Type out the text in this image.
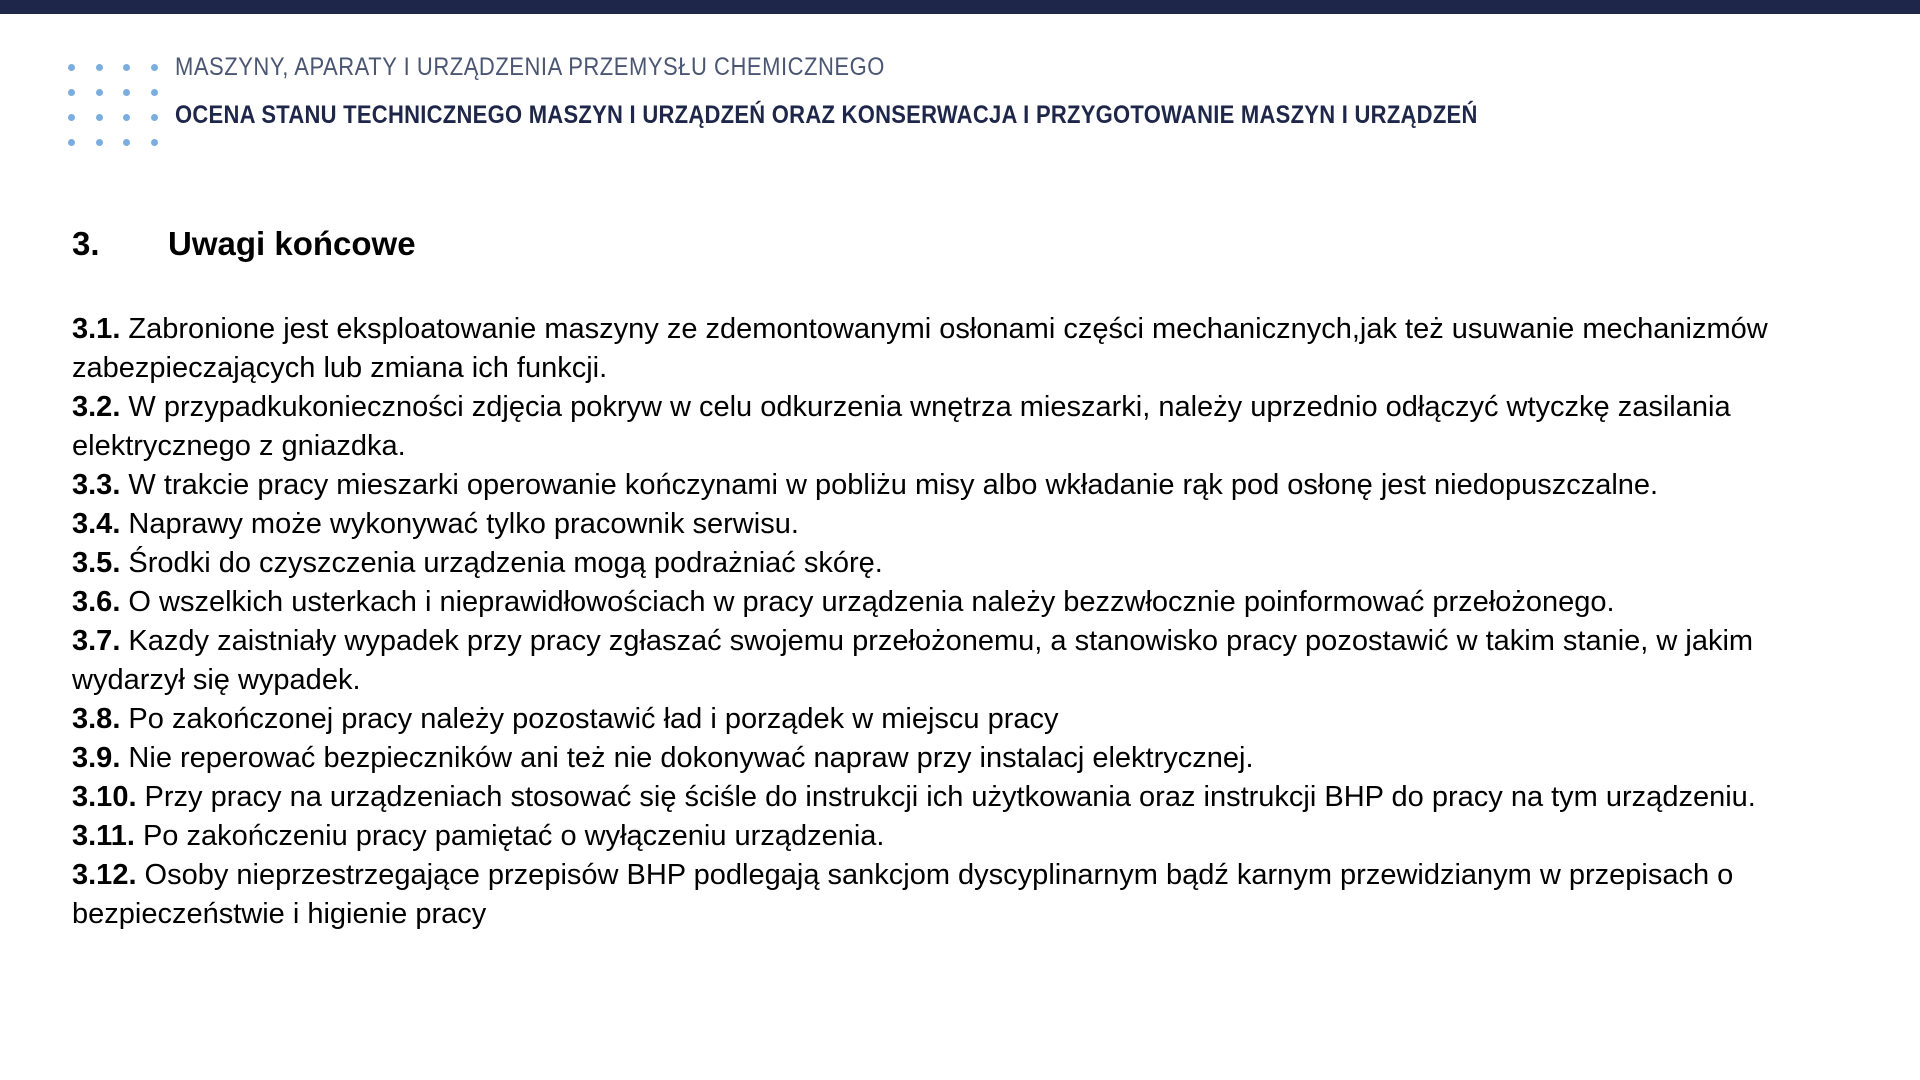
MASZYNY, APARATY I URZĄDZENIA PRZEMYSŁU CHEMICZNEGO
OCENA STANU TECHNICZNEGO MASZYN I URZĄDZEŃ ORAZ KONSERWACJA I PRZYGOTOWANIE MASZYN I URZĄDZEŃ
3.	Uwagi końcowe
3.1. Zabronione jest eksploatowanie maszyny ze zdemontowanymi osłonami części mechanicznych,jak też usuwanie mechanizmów zabezpieczających lub zmiana ich funkcji.
3.2. W przypadkukonieczności zdjęcia pokryw w celu odkurzenia wnętrza mieszarki, należy uprzednio odłączyć wtyczkę zasilania elektrycznego z gniazdka.
3.3. W trakcie pracy mieszarki operowanie kończynami w pobliżu misy albo wkładanie rąk pod osłonę jest niedopuszczalne.
3.4. Naprawy może wykonywać tylko pracownik serwisu.
3.5. Środki do czyszczenia urządzenia mogą podrażniać skórę.
3.6. O wszelkich usterkach i nieprawidłowościach w pracy urządzenia należy bezzwłocznie poinformować przełożonego.
3.7. Kazdy zaistniały wypadek przy pracy zgłaszać swojemu przełożonemu, a stanowisko pracy pozostawić w takim stanie, w jakim wydarzył się wypadek.
3.8. Po zakończonej pracy należy pozostawić ład i porządek w miejscu pracy
3.9. Nie reperować bezpieczników ani też nie dokonywać napraw przy instalacj elektrycznej.
3.10. Przy pracy na urządzeniach stosować się ściśle do instrukcji ich użytkowania oraz instrukcji BHP do pracy na tym urządzeniu.
3.11. Po zakończeniu pracy pamiętać o wyłączeniu urządzenia.
3.12. Osoby nieprzestrzegające przepisów BHP podlegają sankcjom dyscyplinarnym bądź karnym przewidzianym w przepisach o bezpieczeństwie i higienie pracy
